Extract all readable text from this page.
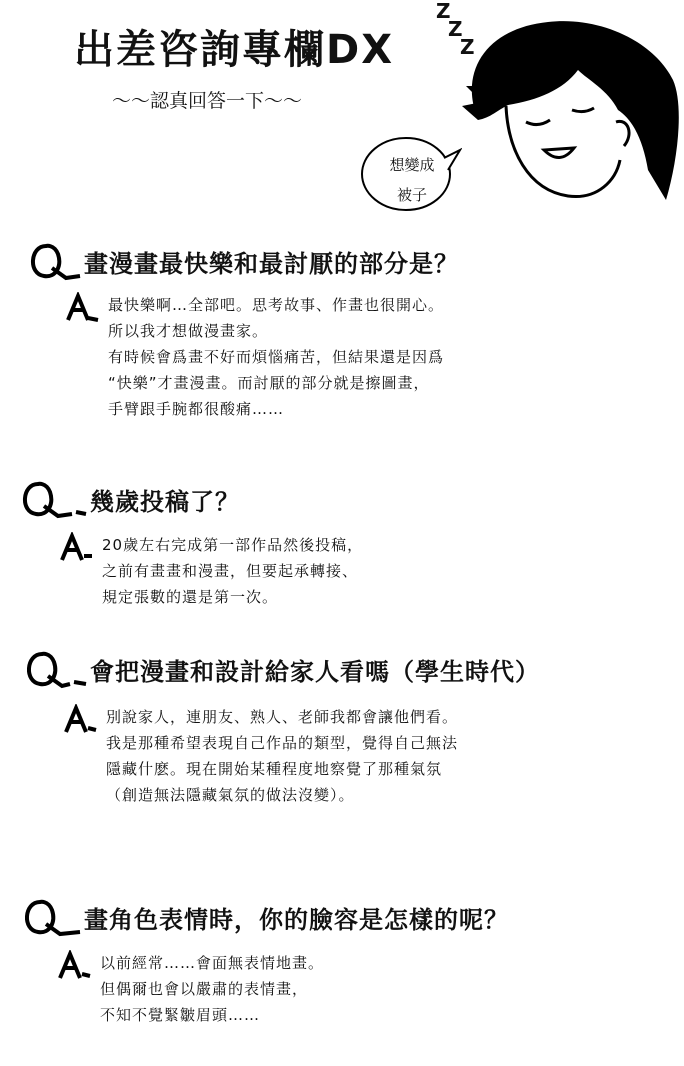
出差咨詢專欄DX
～～認真回答一下～～
Z
Z
Z
想變成
被子
畫漫畫最快樂和最討厭的部分是？
最快樂啊…全部吧。思考故事、作畫也很開心。
所以我才想做漫畫家。
有時候會爲畫不好而煩惱痛苦，但結果還是因爲
“快樂”才畫漫畫。而討厭的部分就是擦圖畫，
手臂跟手腕都很酸痛……
幾歲投稿了？
20歲左右完成第一部作品然後投稿，
之前有畫畫和漫畫，但要起承轉接、
規定張數的還是第一次。
會把漫畫和設計給家人看嗎（學生時代）
別說家人，連朋友、熟人、老師我都會讓他們看。
我是那種希望表現自己作品的類型，覺得自己無法
隱藏什麽。現在開始某種程度地察覺了那種氣氛
（創造無法隱藏氣氛的做法沒變）。
畫角色表情時，你的臉容是怎樣的呢？
以前經常……會面無表情地畫。
但偶爾也會以嚴肅的表情畫，
不知不覺緊皺眉頭……
